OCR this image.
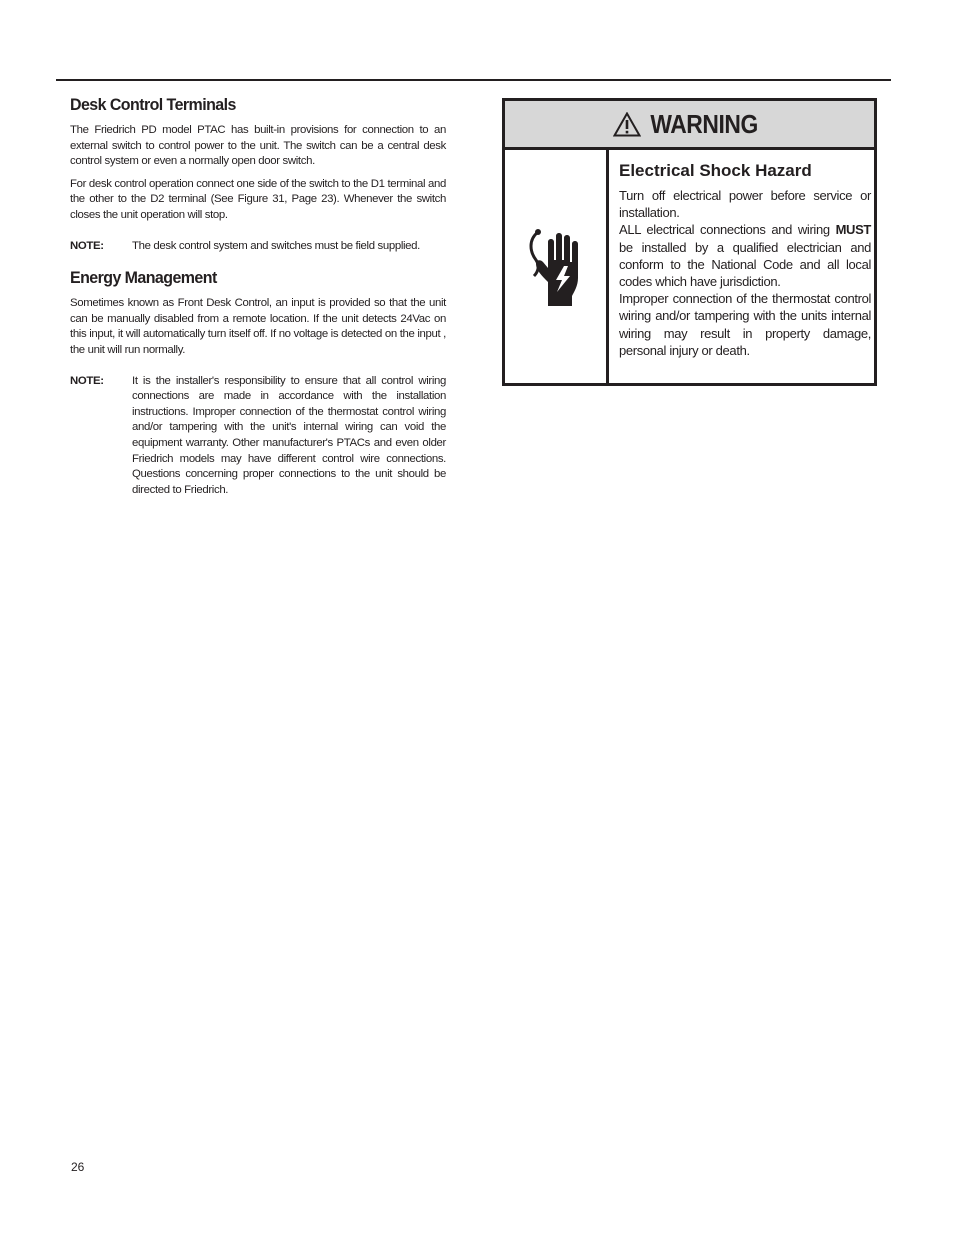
Desk Control Terminals

The Friedrich PD model PTAC has built-in provisions for connection to an external switch to control power to the unit. The switch can be a central desk control system or even a normally open door switch.

For desk control operation connect one side of the switch to the D1 terminal and the other to the D2 terminal (See Figure 31, Page 23). Whenever the switch closes the unit operation will stop.

NOTE:	The desk control system and switches must be field supplied.
Energy Management

Sometimes known as Front Desk Control, an input is provided so that the unit can be manually disabled from a remote location. If the unit detects 24Vac on this input, it will automatically turn itself off. If no voltage is detected on the input , the unit will run normally.

NOTE:	It is the installer's responsibility to ensure that all control wiring connections are made in accordance with the installation instructions. Improper connection of the thermostat control wiring and/or tampering with the unit's internal wiring can void the equipment warranty. Other manufacturer's PTACs and even older Friedrich models may have different control wire connections. Questions concerning proper connections to the unit should be directed to Friedrich.
WARNING
Electrical Shock Hazard

Turn off electrical power before service or installation.

ALL electrical connections and wiring MUST be installed by a qualified electrician and conform to the National Code and all local codes which have jurisdiction.

Improper connection of the thermostat control wiring and/or tampering with the units internal wiring may result in property damage, personal injury or death.

26
